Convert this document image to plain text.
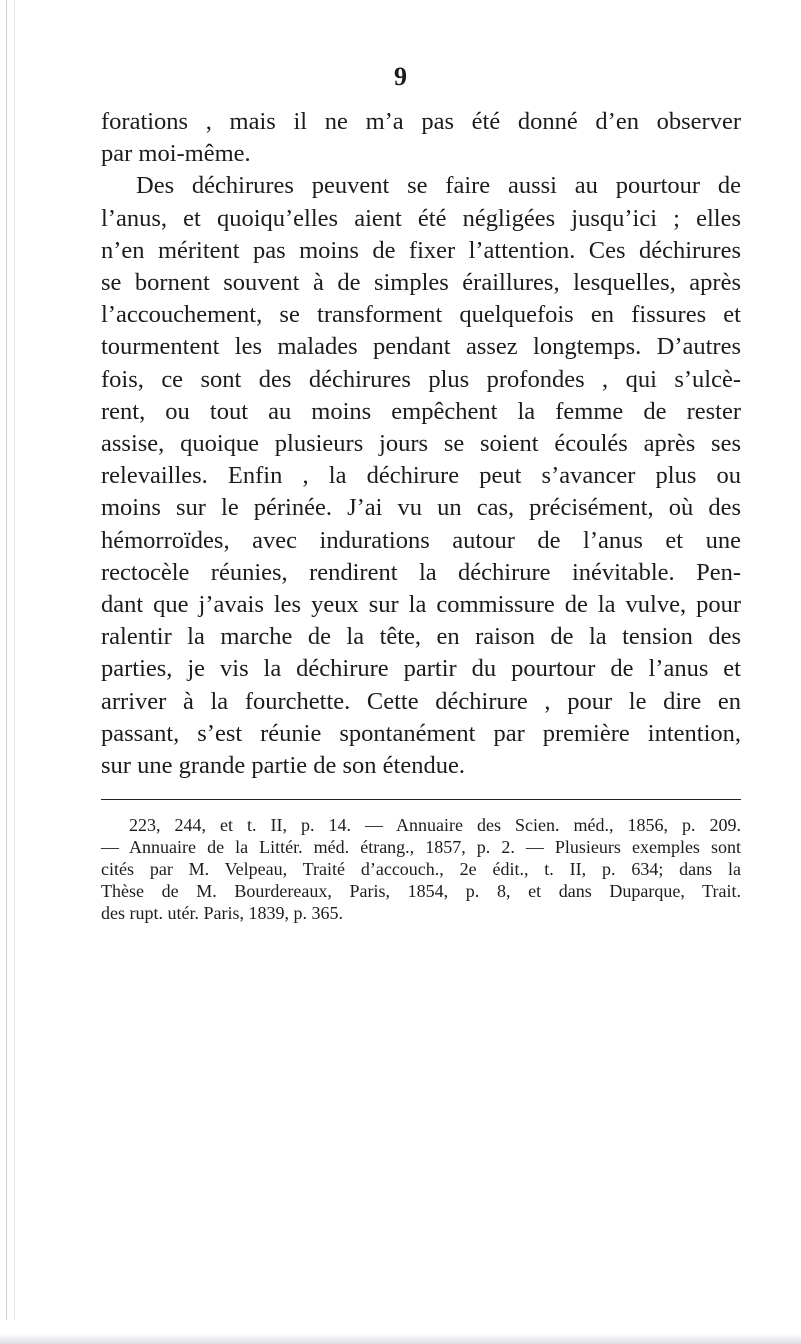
9
forations , mais il ne m’a pas été donné d’en observer
par moi-même.
Des déchirures peuvent se faire aussi au pourtour de
l’anus, et quoiqu’elles aient été négligées jusqu’ici ; elles
n’en méritent pas moins de fixer l’attention. Ces déchirures
se bornent souvent à de simples éraillures, lesquelles, après
l’accouchement, se transforment quelquefois en fissures et
tourmentent les malades pendant assez longtemps. D’autres
fois, ce sont des déchirures plus profondes , qui s’ulcè-
rent, ou tout au moins empêchent la femme de rester
assise, quoique plusieurs jours se soient écoulés après ses
relevailles. Enfin , la déchirure peut s’avancer plus ou
moins sur le périnée. J’ai vu un cas, précisément, où des
hémorroïdes, avec indurations autour de l’anus et une
rectocèle réunies, rendirent la déchirure inévitable. Pen-
dant que j’avais les yeux sur la commissure de la vulve, pour
ralentir la marche de la tête, en raison de la tension des
parties, je vis la déchirure partir du pourtour de l’anus et
arriver à la fourchette. Cette déchirure , pour le dire en
passant, s’est réunie spontanément par première intention,
sur une grande partie de son étendue.
223, 244, et t. II, p. 14. — Annuaire des Scien. méd., 1856, p. 209.
— Annuaire de la Littér. méd. étrang., 1857, p. 2. — Plusieurs exemples sont
cités par M. Velpeau, Traité d’accouch., 2e édit., t. II, p. 634; dans la
Thèse de M. Bourdereaux, Paris, 1854, p. 8, et dans Duparque, Trait.
des rupt. utér. Paris, 1839, p. 365.
